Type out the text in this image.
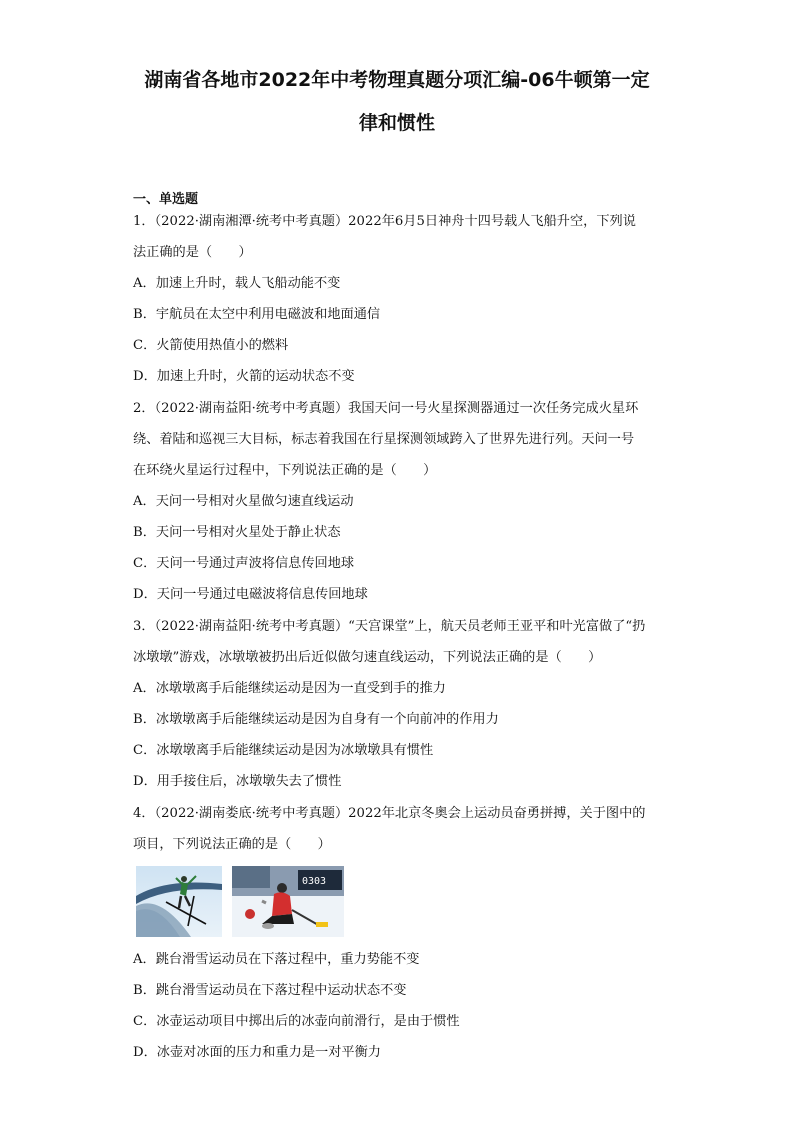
湖南省各地市2022年中考物理真题分项汇编-06牛顿第一定
律和惯性
一、单选题
1．（2022·湖南湘潭·统考中考真题）2022年6月5日神舟十四号载人飞船升空，下列说
法正确的是（　　）
A．加速上升时，载人飞船动能不变
B．宇航员在太空中利用电磁波和地面通信
C．火箭使用热值小的燃料
D．加速上升时，火箭的运动状态不变
2．（2022·湖南益阳·统考中考真题）我国天问一号火星探测器通过一次任务完成火星环
绕、着陆和巡视三大目标，标志着我国在行星探测领域跨入了世界先进行列。天问一号
在环绕火星运行过程中，下列说法正确的是（　　）
A．天问一号相对火星做匀速直线运动
B．天问一号相对火星处于静止状态
C．天问一号通过声波将信息传回地球
D．天问一号通过电磁波将信息传回地球
3．（2022·湖南益阳·统考中考真题）“天宫课堂”上，航天员老师王亚平和叶光富做了“扔
冰墩墩”游戏，冰墩墩被扔出后近似做匀速直线运动，下列说法正确的是（　　）
A．冰墩墩离手后能继续运动是因为一直受到手的推力
B．冰墩墩离手后能继续运动是因为自身有一个向前冲的作用力
C．冰墩墩离手后能继续运动是因为冰墩墩具有惯性
D．用手接住后，冰墩墩失去了惯性
4．（2022·湖南娄底·统考中考真题）2022年北京冬奥会上运动员奋勇拼搏，关于图中的
项目，下列说法正确的是（　　）
0303
A．跳台滑雪运动员在下落过程中，重力势能不变
B．跳台滑雪运动员在下落过程中运动状态不变
C．冰壶运动项目中掷出后的冰壶向前滑行，是由于惯性
D．冰壶对冰面的压力和重力是一对平衡力
